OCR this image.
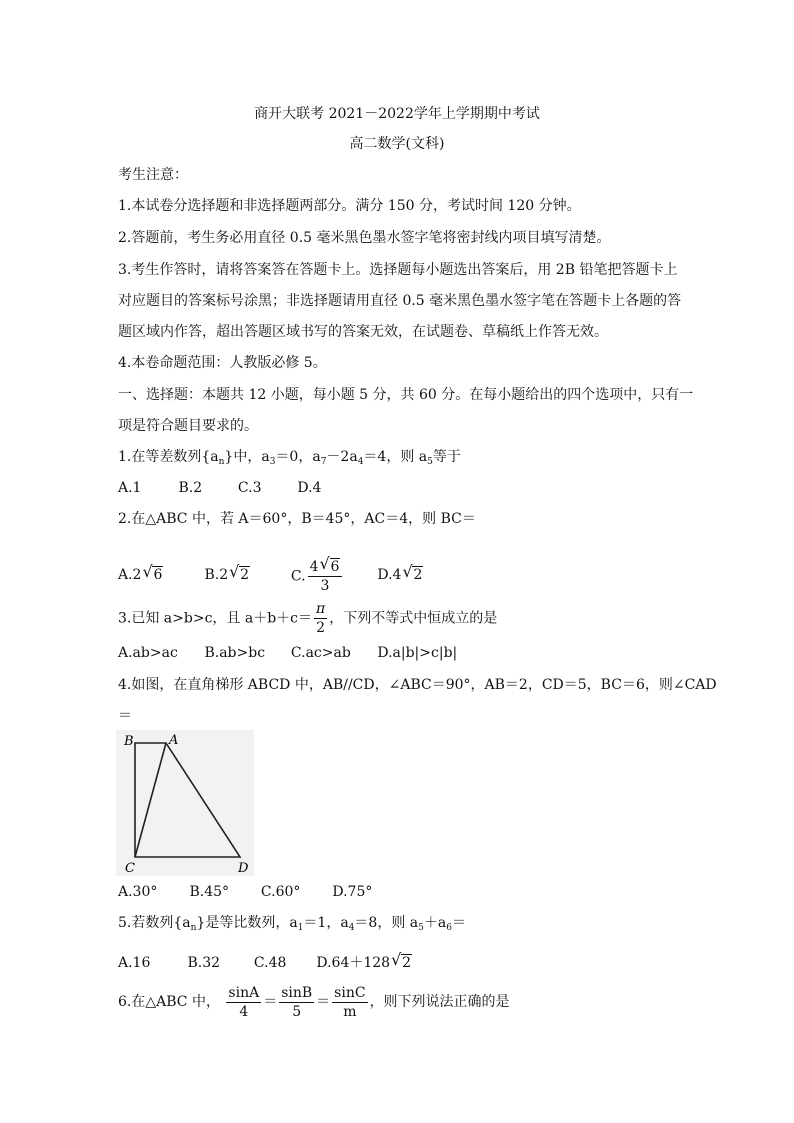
商开大联考 2021－2022学年上学期期中考试
高二数学(文科)
考生注意：
1.本试卷分选择题和非选择题两部分。满分 150 分，考试时间 120 分钟。
2.答题前，考生务必用直径 0.5 毫米黑色墨水签字笔将密封线内项目填写清楚。
3.考生作答时，请将答案答在答题卡上。选择题每小题选出答案后，用 2B 铅笔把答题卡上
对应题目的答案标号涂黑；非选择题请用直径 0.5 毫米黑色墨水签字笔在答题卡上各题的答
题区域内作答，超出答题区域书写的答案无效，在试题卷、草稿纸上作答无效。
4.本卷命题范围：人教版必修 5。
一、选择题：本题共 12 小题，每小题 5 分，共 60 分。在每小题给出的四个选项中，只有一
项是符合题目要求的。
1.在等差数列$\{a_n\}$中，$a_3=0$，$a_7-2a_4=4$，则 $a_5$等于
A.1	B.2	C.3	D.4
2.在△ABC 中，若 A＝60°，B＝45°，AC＝4，则 BC＝
A.2√ 6	B.2√ 2	C. $\frac{4√ 6}{3} D.4√$ 2
3.已知 a>b>c，且 $a+b+c= \frac{\pi}{2}$ ，下列不等式中恒成立的是
A.ab>ac B.ab>bc C.ac>ab D.a|b|>c|b|
4.如图，在直角梯形 ABCD 中，AB//CD，∠ABC＝90°，AB＝2，CD＝5，BC＝6，则∠CAD
＝
B	A
C	D
A.30° B.45° C.60° D.75°
5.若数列$\{a_n\}$是等比数列，$a_1=1$，$a_4=8$，则 $a_5+a_6=$
A.16	B.32 C.48 D.64＋128√ 2
6.在△ABC 中， $\frac{\sin A}{4} = \frac{\sin B}{5} = \frac{\sin C}{m}$ ，则下列说法正确的是
